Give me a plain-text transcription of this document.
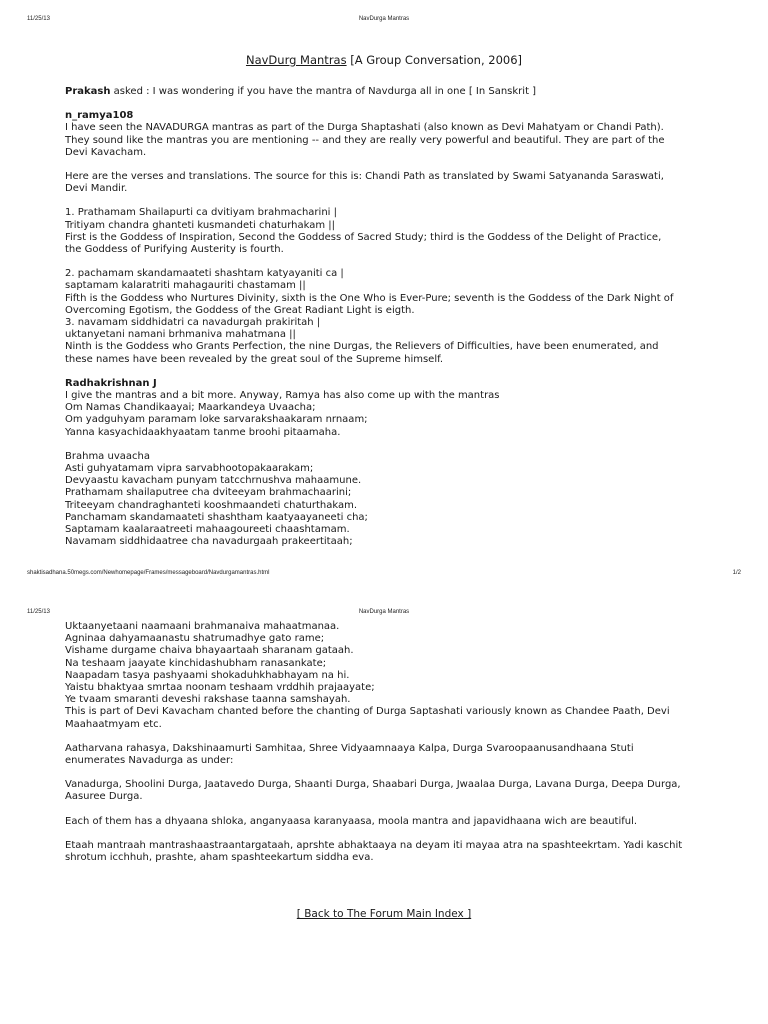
11/25/13	NavDurga Mantras
NavDurg Mantras [A Group Conversation, 2006]

Prakash asked : I was wondering if you have the mantra of Navdurga all in one [ In Sanskrit ]

n_ramya108

I have seen the NAVADURGA mantras as part of the Durga Shaptashati (also known as Devi Mahatyam or Chandi Path).

They sound like the mantras you are mentioning -- and they are really very powerful and beautiful. They are part of the

Devi Kavacham.

Here are the verses and translations. The source for this is: Chandi Path as translated by Swami Satyananda Saraswati,

Devi Mandir.

1. Prathamam Shailapurti ca dvitiyam brahmacharini |

Tritiyam chandra ghanteti kusmandeti chaturhakam ||

First is the Goddess of Inspiration, Second the Goddess of Sacred Study; third is the Goddess of the Delight of Practice,

the Goddess of Purifying Austerity is fourth.

2. pachamam skandamaateti shashtam katyayaniti ca |

saptamam kalaratriti mahagauriti chastamam ||

Fifth is the Goddess who Nurtures Divinity, sixth is the One Who is Ever-Pure; seventh is the Goddess of the Dark Night of

Overcoming Egotism, the Goddess of the Great Radiant Light is eigth.

3. navamam siddhidatri ca navadurgah prakiritah |

uktanyetani namani brhmaniva mahatmana ||

Ninth is the Goddess who Grants Perfection, the nine Durgas, the Relievers of Difficulties, have been enumerated, and

these names have been revealed by the great soul of the Supreme himself.

Radhakrishnan J

I give the mantras and a bit more. Anyway, Ramya has also come up with the mantras

Om Namas Chandikaayai; Maarkandeya Uvaacha;

Om yadguhyam paramam loke sarvarakshaakaram nrnaam;

Yanna kasyachidaakhyaatam tanme broohi pitaamaha.

Brahma uvaacha

Asti guhyatamam vipra sarvabhootopakaarakam;

Devyaastu kavacham punyam tatcchrnushva mahaamune.

Prathamam shailaputree cha dviteeyam brahmachaarini;

Triteeyam chandraghanteti kooshmaandeti chaturthakam.

Panchamam skandamaateti shashtham kaatyaayaneeti cha;

Saptamam kaalaraatreeti mahaagoureeti chaashtamam.

Navamam siddhidaatree cha navadurgaah prakeertitaah;

shaktisadhana.50megs.com/Newhomepage/Frames/messageboard/Navdurgamantras.html	1/2
11/25/13	NavDurga Mantras

Uktaanyetaani naamaani brahmanaiva mahaatmanaa.

Agninaa dahyamaanastu shatrumadhye gato rame;

Vishame durgame chaiva bhayaartaah sharanam gataah.

Na teshaam jaayate kinchidashubham ranasankate;

Naapadam tasya pashyaami shokaduhkhabhayam na hi.

Yaistu bhaktyaa smrtaa noonam teshaam vrddhih prajaayate;

Ye tvaam smaranti deveshi rakshase taanna samshayah.

This is part of Devi Kavacham chanted before the chanting of Durga Saptashati variously known as Chandee Paath, Devi

Maahaatmyam etc.

Aatharvana rahasya, Dakshinaamurti Samhitaa, Shree Vidyaamnaaya Kalpa, Durga Svaroopaanusandhaana Stuti

enumerates Navadurga as under:

Vanadurga, Shoolini Durga, Jaatavedo Durga, Shaanti Durga, Shaabari Durga, Jwaalaa Durga, Lavana Durga, Deepa Durga,

Aasuree Durga.

Each of them has a dhyaana shloka, anganyaasa karanyaasa, moola mantra and japavidhaana wich are beautiful.

Etaah mantraah mantrashaastraantargataah, aprshte abhaktaaya na deyam iti mayaa atra na spashteekrtam. Yadi kaschit

shrotum icchhuh, prashte, aham spashteekartum siddha eva.

[ Back to The Forum Main Index ]
